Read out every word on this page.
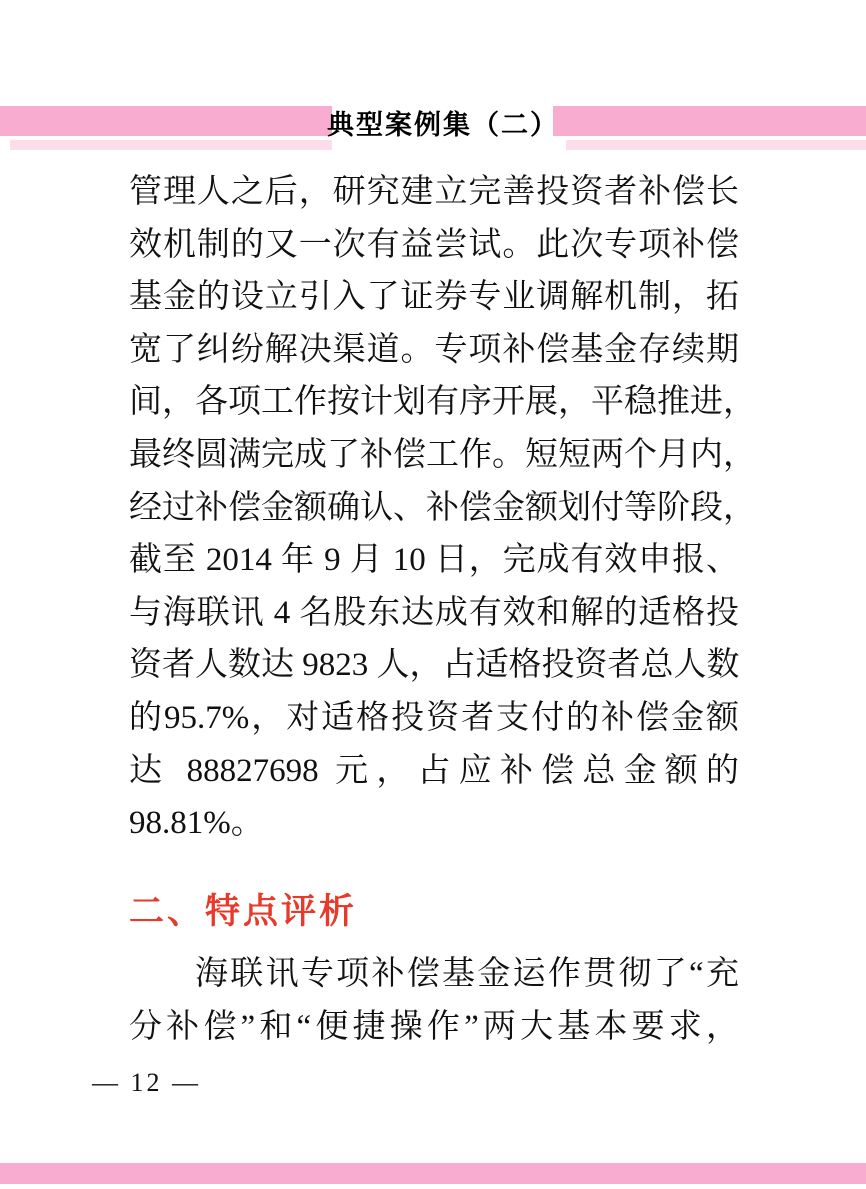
典型案例集（二）
管理人之后，研究建立完善投资者补偿长
效机制的又一次有益尝试。此次专项补偿
基金的设立引入了证券专业调解机制，拓
宽了纠纷解决渠道。专项补偿基金存续期
间，各项工作按计划有序开展，平稳推进，
最终圆满完成了补偿工作。短短两个月内，
经过补偿金额确认、补偿金额划付等阶段，
截至 2014 年 9 月 10 日，完成有效申报、
与海联讯 4 名股东达成有效和解的适格投
资者人数达 9823 人，占适格投资者总人数
的95.7%，对适格投资者支付的补偿金额
达 88827698 元，占应补偿总金额的
98.81%。
二、特点评析
海联讯专项补偿基金运作贯彻了“充
分补偿”和“便捷操作”两大基本要求，
— 12 —
